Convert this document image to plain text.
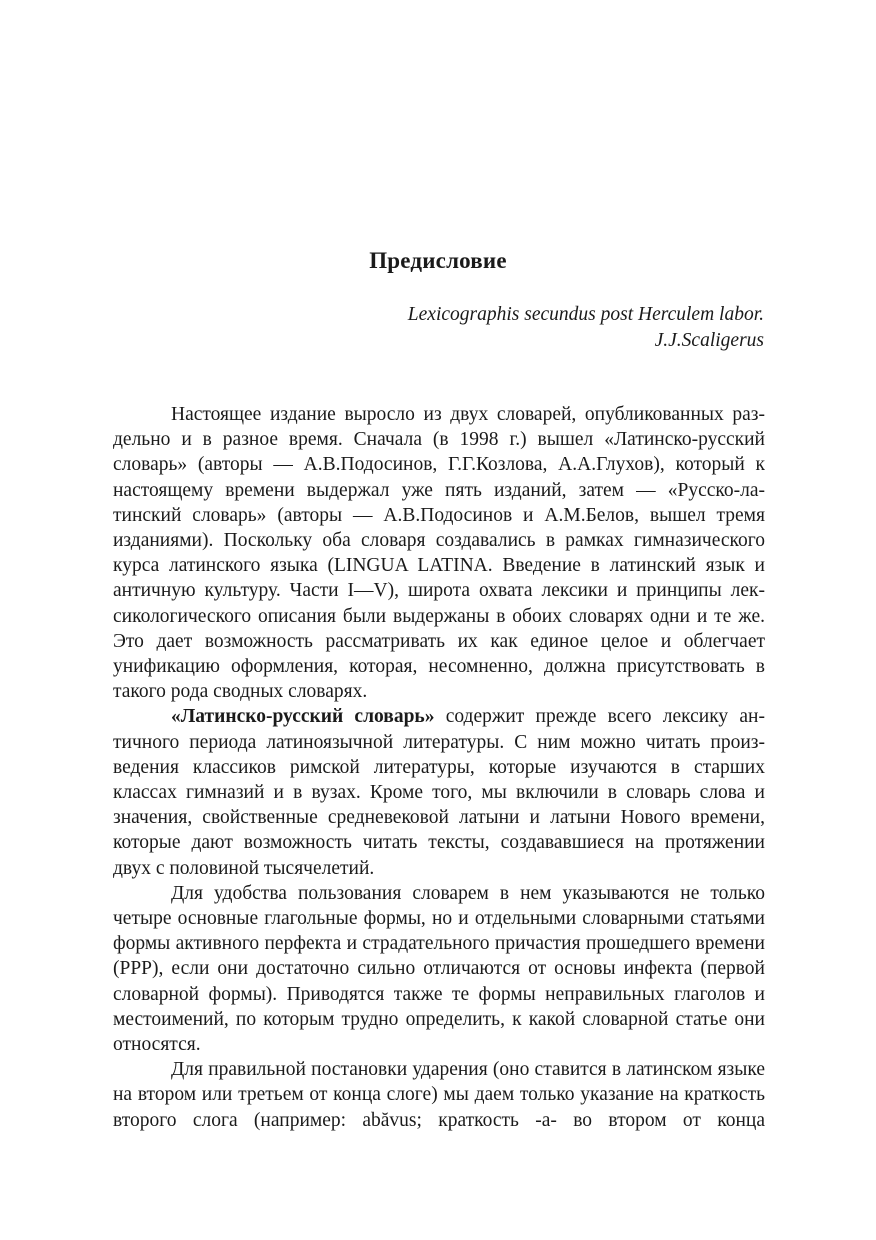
Предисловие
Lexicographis secundus post Herculem labor.
J.J.Scaligerus

Настоящее издание выросло из двух словарей, опубликованных раздельно и в разное время. Сначала (в 1998 г.) вышел «Латинско-русский словарь» (авторы — А.В.Подосинов, Г.Г.Козлова, А.А.Глухов), который к настоящему времени выдержал уже пять изданий, затем — «Русско-латинский словарь» (авторы — А.В.Подосинов и А.М.Белов, вышел тремя изданиями). Поскольку оба словаря создавались в рамках гимназического курса латинского языка (LINGUA LATINA. Введение в латинский язык и античную культуру. Части I—V), широта охвата лексики и принципы лексикологического описания были выдержаны в обоих словарях одни и те же. Это дает возможность рассматривать их как единое целое и облегчает унификацию оформления, которая, несомненно, должна присутствовать в такого рода сводных словарях.

«Латинско-русский словарь» содержит прежде всего лексику античного периода латиноязычной литературы. С ним можно читать произведения классиков римской литературы, которые изучаются в старших классах гимназий и в вузах. Кроме того, мы включили в словарь слова и значения, свойственные средневековой латыни и латыни Нового времени, которые дают возможность читать тексты, создававшиеся на протяжении двух с половиной тысячелетий.

Для удобства пользования словарем в нем указываются не только четыре основные глагольные формы, но и отдельными словарными статьями формы активного перфекта и страдательного причастия прошедшего времени (PPP), если они достаточно сильно отличаются от основы инфекта (первой словарной формы). Приводятся также те формы неправильных глаголов и местоимений, по которым трудно определить, к какой словарной статье они относятся.

Для правильной постановки ударения (оно ставится в латинском языке на втором или третьем от конца слоге) мы даем только указание на краткость второго слога (например: abăvus; краткость -a- во втором от конца
